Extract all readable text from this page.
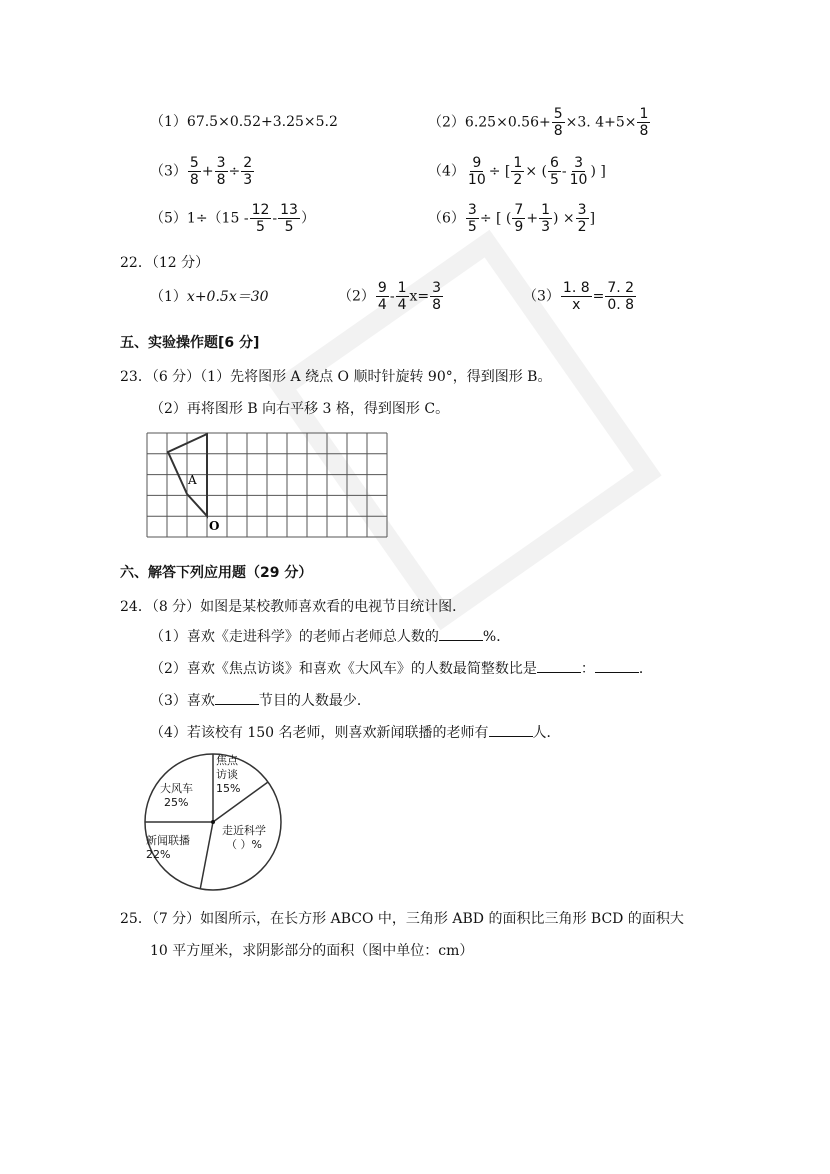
（1）67.5×0.52+3.25×5.2	$(2)6.25\times 0.56+ \frac{5}{8} \times 3$. $4+5\times \frac{1}{8}$
$(3) \frac{5}{8} + \frac{3}{8} \div \frac{2}{3}$	$(4) \frac{9}{10}$ ÷ [ $\frac{1}{2}$ × ( $\frac{6}{5} - \frac{3}{10}$ ) ]
$(5)1\div(15 - \frac{12}{5} - \frac{13}{5}$ ）	$(6) \frac{3}{5}$ ÷ [ ( $\frac{7}{9} + \frac{1}{3}$ ) × $\frac{3}{2}$ ]
22．（12 分）
（1）x+0.5x＝30	$(2) \frac{9}{4} - \frac{1}{4} x= \frac{3}{8}$	$(3) \frac{1. 8}{x} = \frac{7. 2}{0. 8}$
五、实验操作题[6 分]
23．（6 分）（1）先将图形 A 绕点 O 顺时针旋转 90°，得到图形 B。
（2）再将图形 B 向右平移 3 格，得到图形 C。
A
O
六、解答下列应用题（29 分）
24．（8 分）如图是某校教师喜欢看的电视节目统计图．
（1）喜欢《走进科学》的老师占老师总人数的	%．
（2）喜欢《焦点访谈》和喜欢《大风车》的人数最简整数比是	：	．
（3）喜欢	节目的人数最少．
（4）若该校有 150 名老师，则喜欢新闻联播的老师有	人．
大风车
25%
焦点
访谈
15%
走近科学
（ ）%
新闻联播
22%
25．（7 分）如图所示，在长方形 ABCO 中，三角形 ABD 的面积比三角形 BCD 的面积大
10 平方厘米，求阴影部分的面积（图中单位：cm）
